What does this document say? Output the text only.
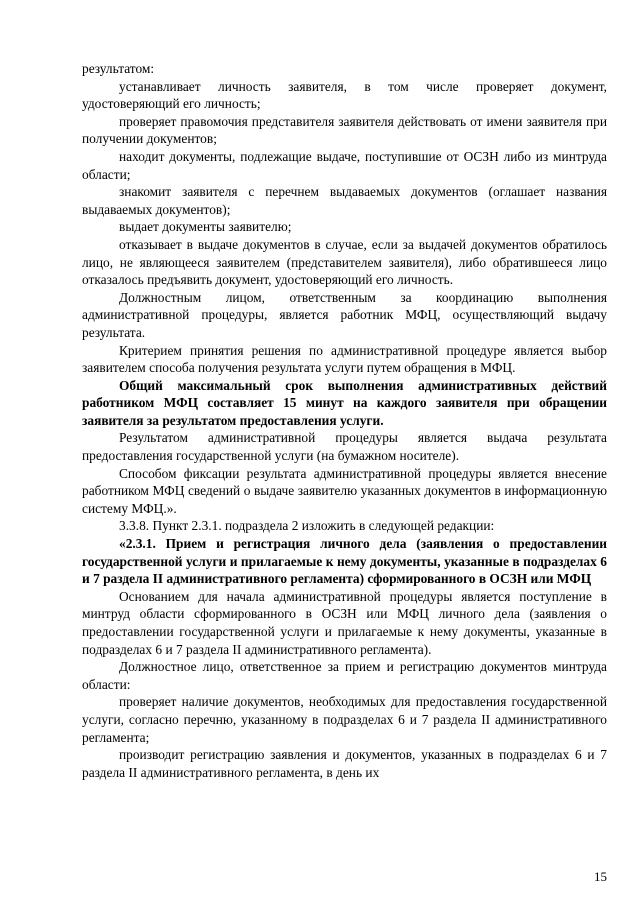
результатом:

устанавливает личность заявителя, в том числе проверяет документ, удостоверяющий его личность;

проверяет правомочия представителя заявителя действовать от имени заявителя при получении документов;

находит документы, подлежащие выдаче, поступившие от ОСЗН либо из минтруда области;

знакомит заявителя с перечнем выдаваемых документов (оглашает названия выдаваемых документов);

выдает документы заявителю;

отказывает в выдаче документов в случае, если за выдачей документов обратилось лицо, не являющееся заявителем (представителем заявителя), либо обратившееся лицо отказалось предъявить документ, удостоверяющий его личность.

Должностным лицом, ответственным за координацию выполнения административной процедуры, является работник МФЦ, осуществляющий выдачу результата.

Критерием принятия решения по административной процедуре является выбор заявителем способа получения результата услуги путем обращения в МФЦ.

Общий максимальный срок выполнения административных действий работником МФЦ составляет 15 минут на каждого заявителя при обращении заявителя за результатом предоставления услуги.

Результатом административной процедуры является выдача результата предоставления государственной услуги (на бумажном носителе).

Способом фиксации результата административной процедуры является внесение работником МФЦ сведений о выдаче заявителю указанных документов в информационную систему МФЦ.».

3.3.8. Пункт 2.3.1. подраздела 2 изложить в следующей редакции:

«2.3.1. Прием и регистрация личного дела (заявления о предоставлении государственной услуги и прилагаемые к нему документы, указанные в подразделах 6 и 7 раздела II административного регламента) сформированного в ОСЗН или МФЦ

Основанием для начала административной процедуры является поступление в минтруд области сформированного в ОСЗН или МФЦ личного дела (заявления о предоставлении государственной услуги и прилагаемые к нему документы, указанные в подразделах 6 и 7 раздела II административного регламента).

Должностное лицо, ответственное за прием и регистрацию документов минтруда области:

проверяет наличие документов, необходимых для предоставления государственной услуги, согласно перечню, указанному в подразделах 6 и 7 раздела II административного регламента;

производит регистрацию заявления и документов, указанных в подразделах 6 и 7 раздела II административного регламента, в день их

15
